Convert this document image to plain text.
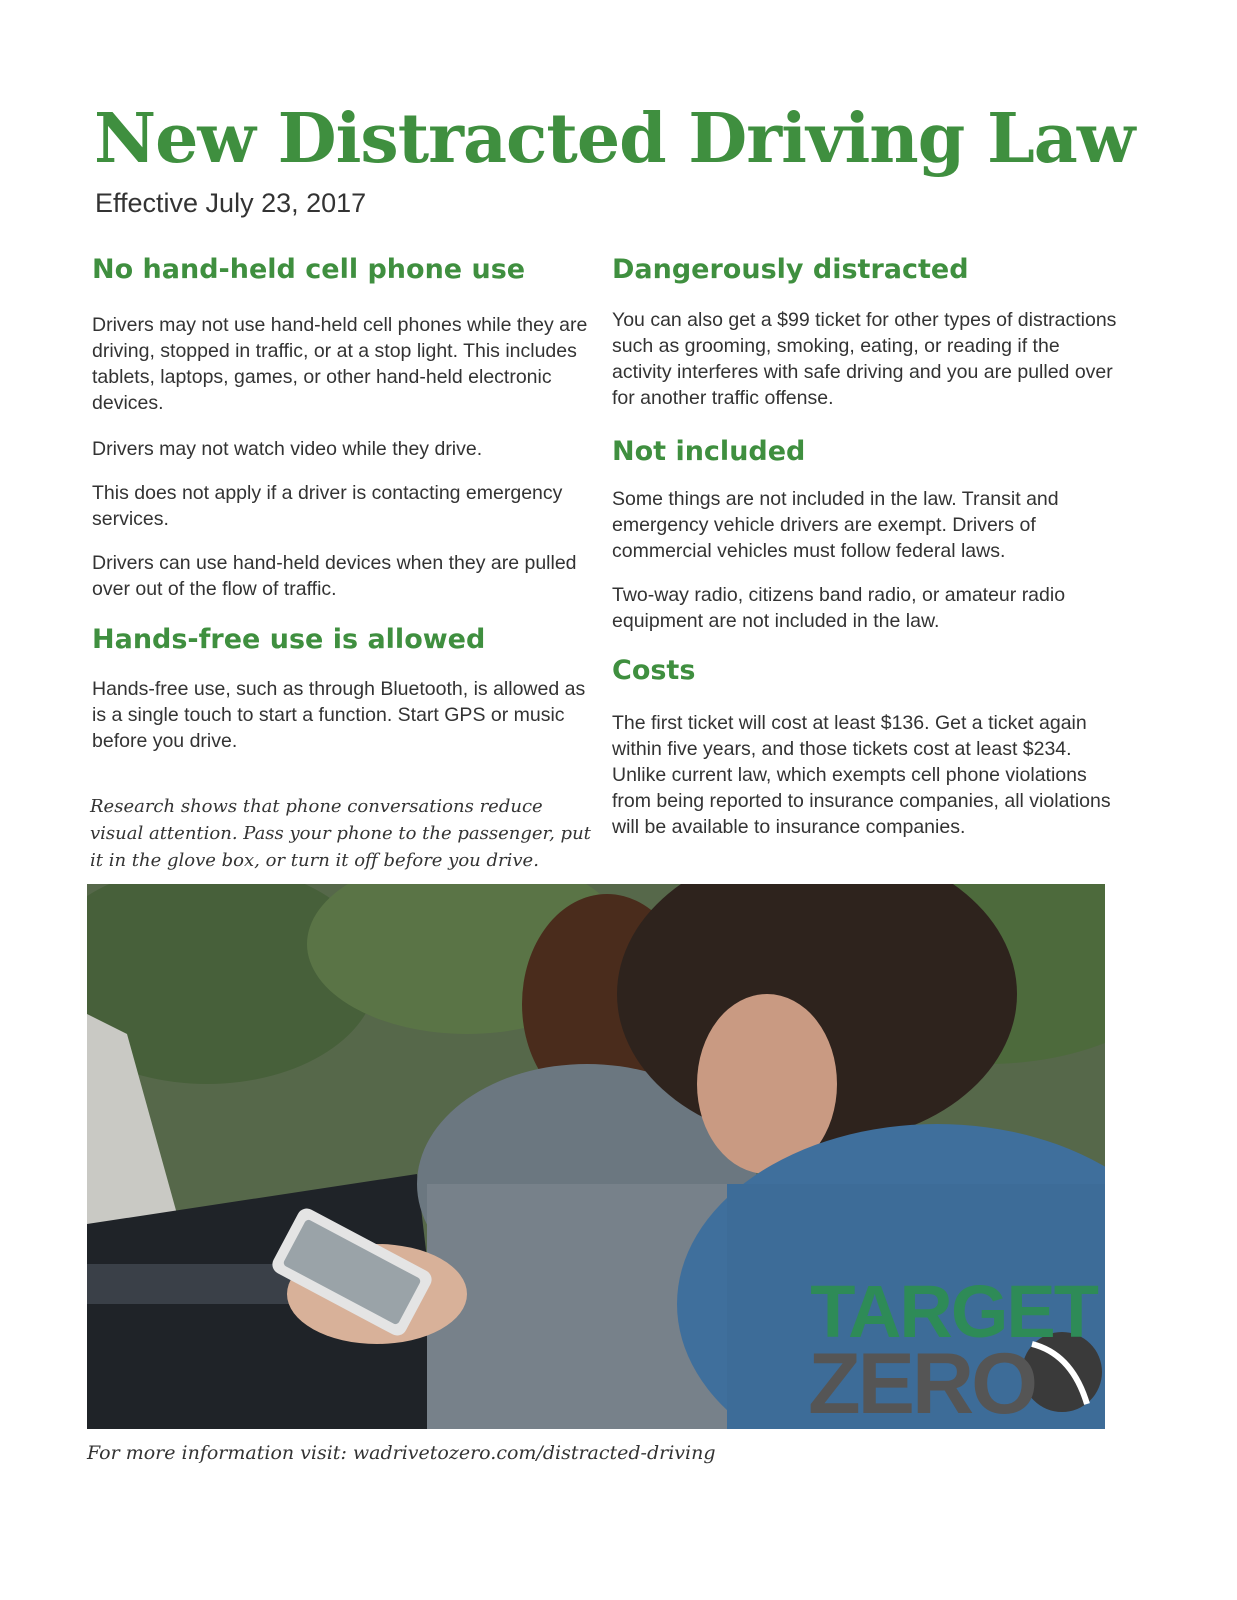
New Distracted Driving Law
Effective July 23, 2017
No hand-held cell phone use

Drivers may not use hand-held cell phones while they are driving, stopped in traffic, or at a stop light. This includes tablets, laptops, games, or other hand-held electronic devices.

Drivers may not watch video while they drive.

This does not apply if a driver is contacting emergency services.

Drivers can use hand-held devices when they are pulled over out of the flow of traffic.

Hands-free use is allowed

Hands-free use, such as through Bluetooth, is allowed as is a single touch to start a function. Start GPS or music before you drive.

Research shows that phone conversations reduce visual attention. Pass your phone to the passenger, put it in the glove box, or turn it off before you drive.
Dangerously distracted

You can also get a $99 ticket for other types of distractions such as grooming, smoking, eating, or reading if the activity interferes with safe driving and you are pulled over for another traffic offense.

Not included

Some things are not included in the law. Transit and emergency vehicle drivers are exempt. Drivers of commercial vehicles must follow federal laws.

Two-way radio, citizens band radio, or amateur radio equipment are not included in the law.

Costs

The first ticket will cost at least $136. Get a ticket again within five years, and those tickets cost at least $234. Unlike current law, which exempts cell phone violations from being reported to insurance companies, all violations will be available to insurance companies.

TARGET
ZERO
For more information visit: wadrivetozero.com/distracted-driving
